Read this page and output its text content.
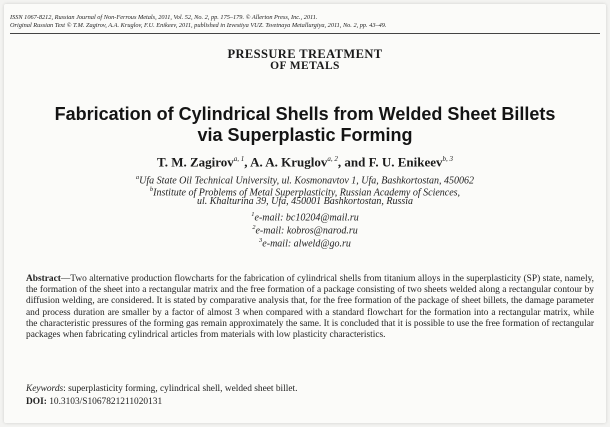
ISSN 1067-8212, Russian Journal of Non-Ferrous Metals, 2011, Vol. 52, No. 2, pp. 175–179. © Allerton Press, Inc., 2011.
Original Russian Text © T.M. Zagirov, A.A. Kruglov, F.U. Enikeev, 2011, published in Izvestiya VUZ. Tsvetnaya Metallurgiya, 2011, No. 2, pp. 43–49.
PRESSURE TREATMENT
OF METALS
Fabrication of Cylindrical Shells from Welded Sheet Billets
via Superplastic Forming
T. M. Zagirov$^{a, 1}$, A. A. Kruglov$^{a, 2}$, and F. U. Enikeev$^{b, 3}$
$^a$Ufa State Oil Technical University, ul. Kosmonavtov 1, Ufa, Bashkortostan, 450062
$^b$Institute of Problems of Metal Superplasticity, Russian Academy of Sciences,
ul. Khalturina 39, Ufa, 450001 Bashkortostan, Russia
$^1$e-mail: bc10204@mail.ru
$^2$e-mail: kobros@narod.ru
$^3$e-mail: alweld@go.ru
Abstract—Two alternative production flowcharts for the fabrication of cylindrical shells from titanium alloys in the superplasticity (SP) state, namely, the formation of the sheet into a rectangular matrix and the free formation of a package consisting of two sheets welded along a rectangular contour by diffusion welding, are considered. It is stated by comparative analysis that, for the free formation of the package of sheet billets, the damage parameter and process duration are smaller by a factor of almost 3 when compared with a standard flowchart for the formation into a rectangular matrix, while the characteristic pressures of the forming gas remain approximately the same. It is concluded that it is possible to use the free formation of rectangular packages when fabricating cylindrical articles from materials with low plasticity characteristics.
Keywords: superplasticity forming, cylindrical shell, welded sheet billet.
DOI: 10.3103/S1067821211020131
